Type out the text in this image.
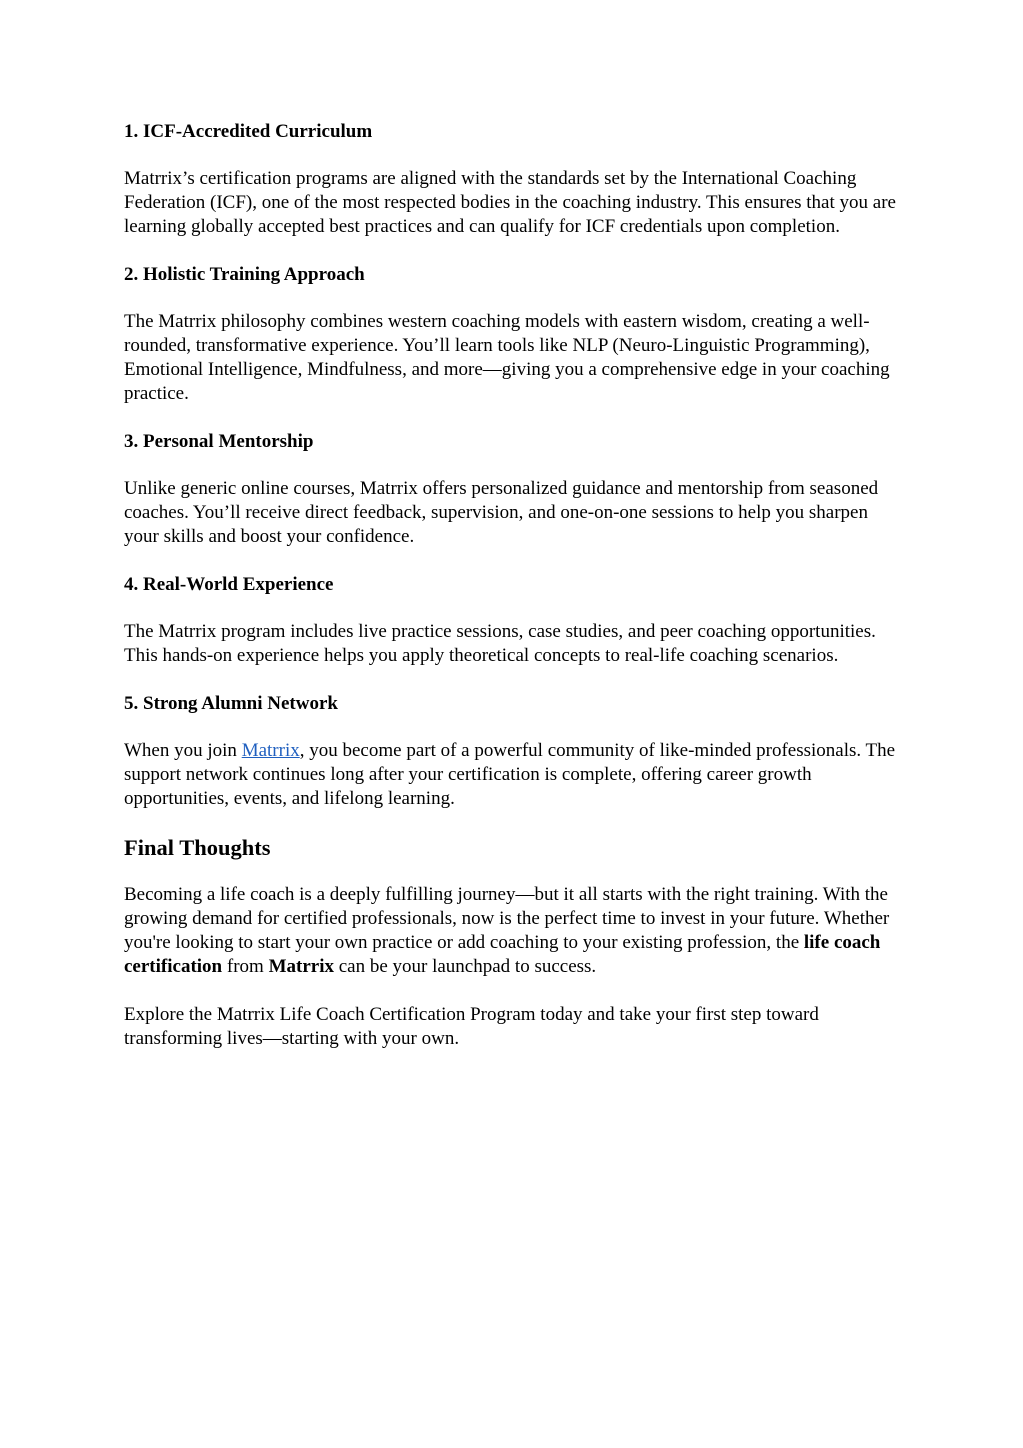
1. ICF-Accredited Curriculum

Matrrix’s certification programs are aligned with the standards set by the International Coaching Federation (ICF), one of the most respected bodies in the coaching industry. This ensures that you are learning globally accepted best practices and can qualify for ICF credentials upon completion.

2. Holistic Training Approach

The Matrrix philosophy combines western coaching models with eastern wisdom, creating a well-rounded, transformative experience. You’ll learn tools like NLP (Neuro-Linguistic Programming), Emotional Intelligence, Mindfulness, and more—giving you a comprehensive edge in your coaching practice.

3. Personal Mentorship

Unlike generic online courses, Matrrix offers personalized guidance and mentorship from seasoned coaches. You’ll receive direct feedback, supervision, and one-on-one sessions to help you sharpen your skills and boost your confidence.

4. Real-World Experience

The Matrrix program includes live practice sessions, case studies, and peer coaching opportunities. This hands-on experience helps you apply theoretical concepts to real-life coaching scenarios.

5. Strong Alumni Network

When you join Matrrix, you become part of a powerful community of like-minded professionals. The support network continues long after your certification is complete, offering career growth opportunities, events, and lifelong learning.

Final Thoughts

Becoming a life coach is a deeply fulfilling journey—but it all starts with the right training. With the growing demand for certified professionals, now is the perfect time to invest in your future. Whether you're looking to start your own practice or add coaching to your existing profession, the life coach certification from Matrrix can be your launchpad to success.

Explore the Matrrix Life Coach Certification Program today and take your first step toward transforming lives—starting with your own.
